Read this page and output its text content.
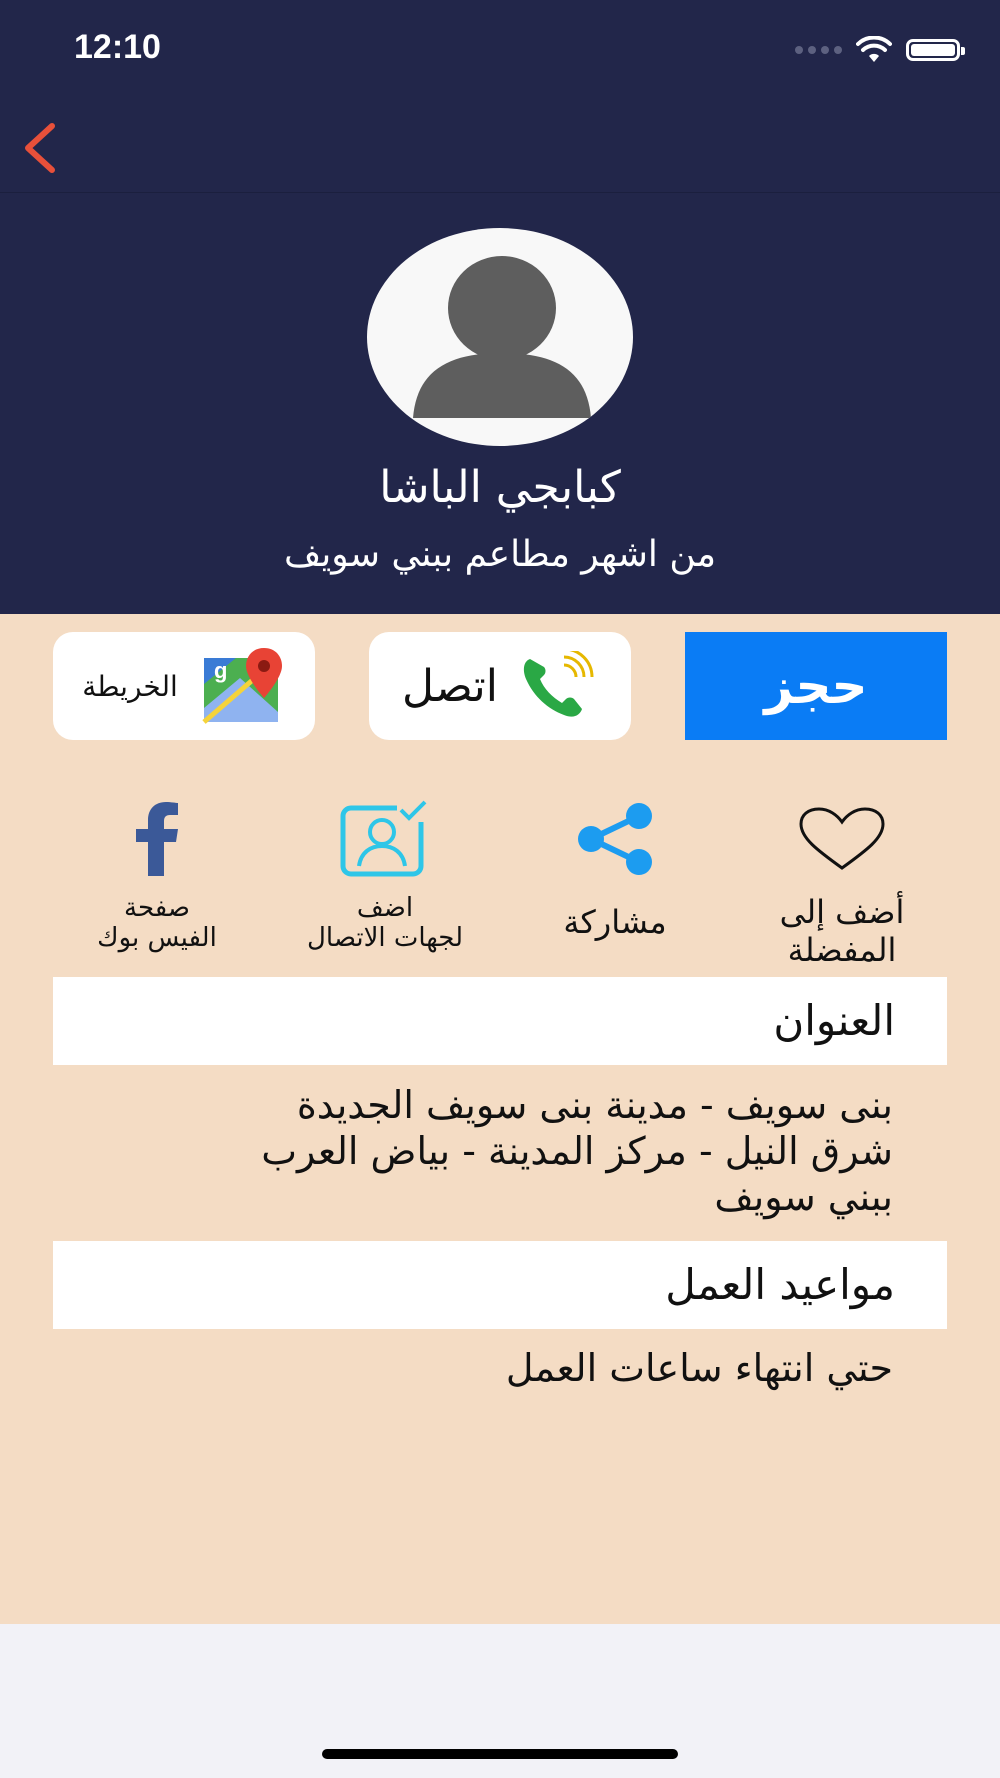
12:10
كبابجي الباشا
من اشهر مطاعم ببني سويف
حجز
اتصل
الخريطة g
أضف إلى
المفضلة
مشاركة
اضف
لجهات الاتصال
صفحة
الفيس بوك
العنوان
بنى سويف - مدينة بنى سويف الجديدة
شرق النيل - مركز المدينة - بياض العرب
ببني سويف
مواعيد العمل
حتي انتهاء ساعات العمل
